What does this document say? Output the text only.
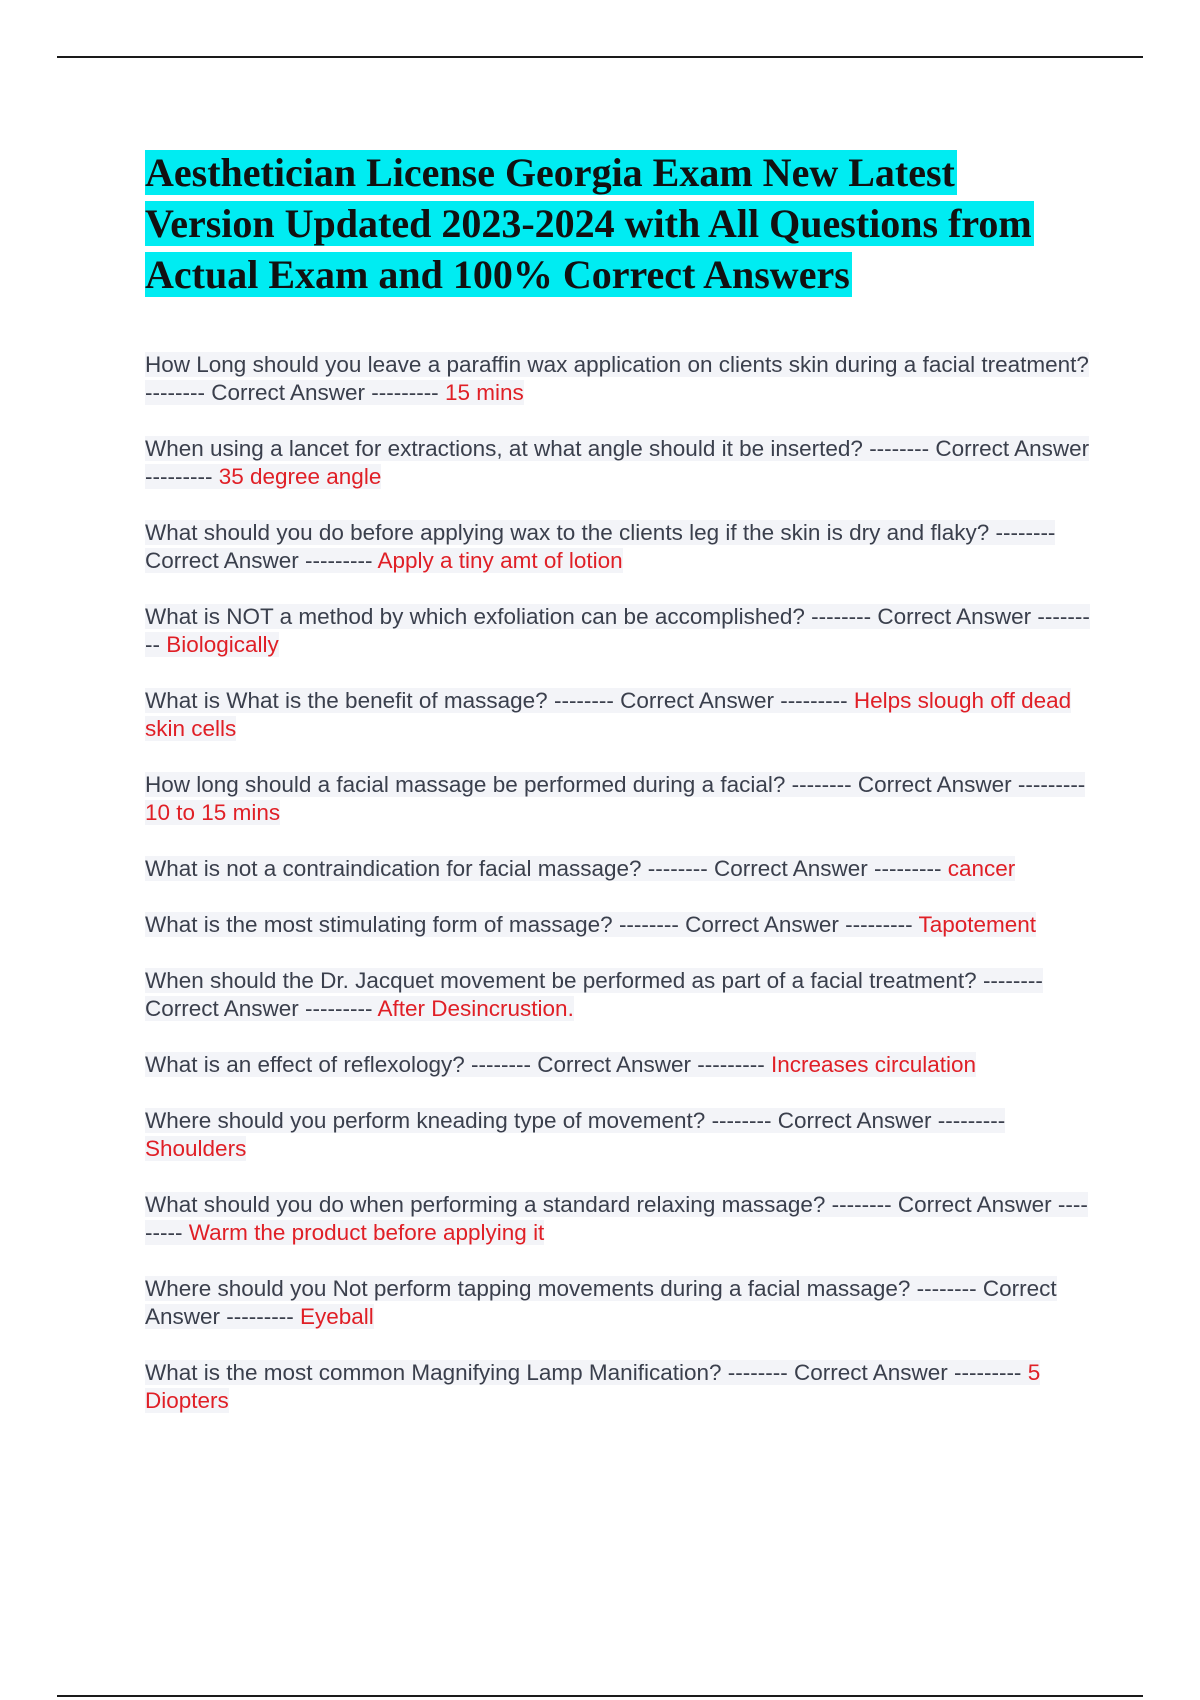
Aesthetician License Georgia Exam New Latest Version Updated 2023-2024 with All Questions from Actual Exam and 100% Correct Answers
How Long should you leave a paraffin wax application on clients skin during a facial treatment? -------- Correct Answer --------- 15 mins
When using a lancet for extractions, at what angle should it be inserted? -------- Correct Answer --------- 35 degree angle
What should you do before applying wax to the clients leg if the skin is dry and flaky? -------- Correct Answer --------- Apply a tiny amt of lotion
What is NOT a method by which exfoliation can be accomplished? -------- Correct Answer --------- Biologically
What is What is the benefit of massage? -------- Correct Answer --------- Helps slough off dead skin cells
How long should a facial massage be performed during a facial? -------- Correct Answer --------- 10 to 15 mins
What is not a contraindication for facial massage? -------- Correct Answer --------- cancer
What is the most stimulating form of massage? -------- Correct Answer --------- Tapotement
When should the Dr. Jacquet movement be performed as part of a facial treatment? -------- Correct Answer --------- After Desincrustion.
What is an effect of reflexology? -------- Correct Answer --------- Increases circulation
Where should you perform kneading type of movement? -------- Correct Answer --------- Shoulders
What should you do when performing a standard relaxing massage? -------- Correct Answer --------- Warm the product before applying it
Where should you Not perform tapping movements during a facial massage? -------- Correct Answer --------- Eyeball
What is the most common Magnifying Lamp Manification? -------- Correct Answer --------- 5 Diopters
